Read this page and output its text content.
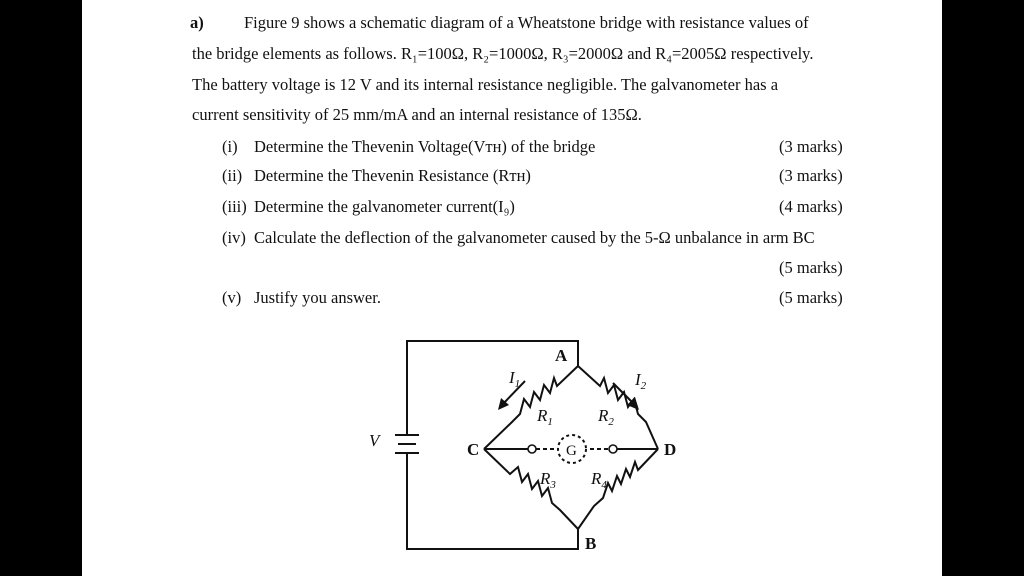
a) Figure 9 shows a schematic diagram of a Wheatstone bridge with resistance values of
the bridge elements as follows. R₁=100Ω, R₂=1000Ω, R₃=2000Ω and R₄=2005Ω respectively.
The battery voltage is 12 V and its internal resistance negligible. The galvanometer has a
current sensitivity of 25 mm/mA and an internal resistance of 135Ω.
(i) Determine the Thevenin Voltage(Vᴛʜ) of the bridge	(3 marks)
(ii) Determine the Thevenin Resistance (Rᴛʜ)	(3 marks)
(iii) Determine the galvanometer current(I₉)	(4 marks)
(iv) Calculate the deflection of the galvanometer caused by the 5-Ω unbalance in arm BC
(5 marks)
(v) Justify you answer.	(5 marks)
A
B
C	D
V
G
$I_1$	$I_2$
$R_1$	$R_2$
$R_3$ $R_4$
